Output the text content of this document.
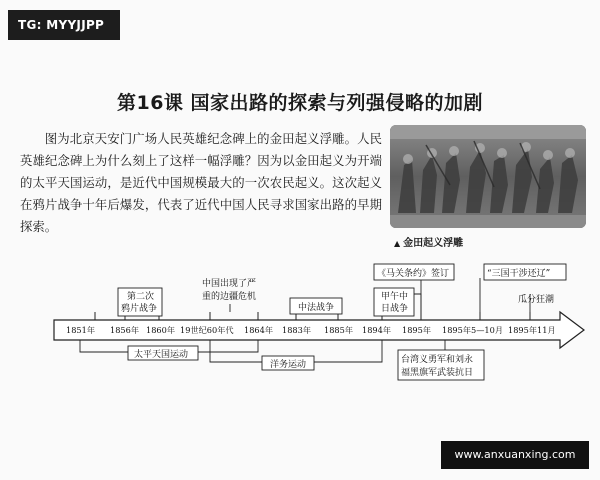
TG: MYYJJPP
第16课 国家出路的探索与列强侵略的加剧

图为北京天安门广场人民英雄纪念碑上的金田起义浮雕。人民英雄纪念碑上为什么刻上了这样一幅浮雕？因为以金田起义为开端的太平天国运动，是近代中国规模最大的一次农民起义。这次起义在鸦片战争十年后爆发，代表了近代中国人民寻求国家出路的早期探索。

▲ 金田起义浮雕
1851年 1856年 1860年 19世纪60年代 1864年 1883年 1885年 1894年 1895年 1895年5—10月 1895年11月
第二次
鸦片战争
中国出现了严
重的边疆危机
中法战争
甲午中
日战争
《马关条约》签订	“三国干涉还辽”
瓜分狂潮
太平天国运动
洋务运动	台湾义勇军和刘永
福黑旗军武装抗日
www.anxuanxing.com
